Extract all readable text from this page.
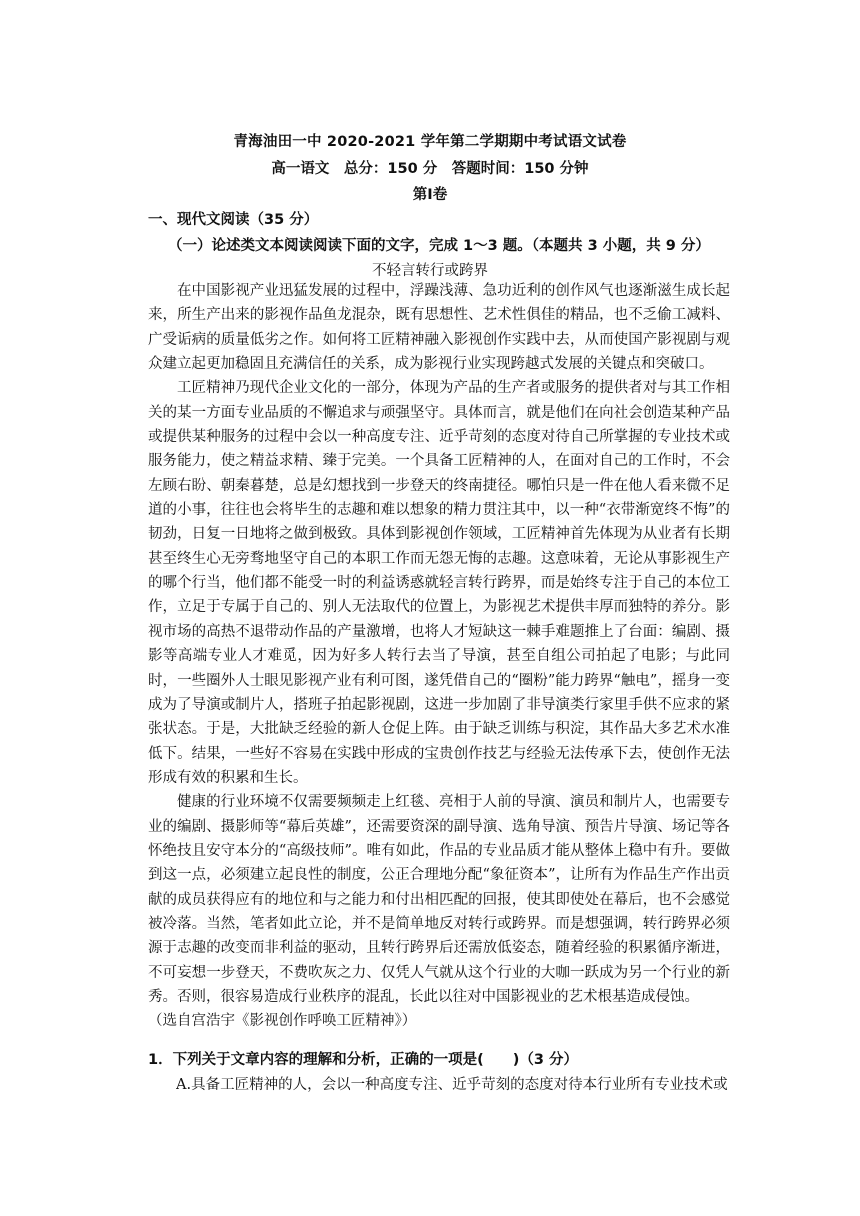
青海油田一中 2020-2021 学年第二学期期中考试语文试卷
高一语文　总分：150 分　答题时间：150 分钟
第Ⅰ卷
一、现代文阅读（35 分）
（一）论述类文本阅读阅读下面的文字，完成 1～3 题。（本题共 3 小题，共 9 分）
不轻言转行或跨界

在中国影视产业迅猛发展的过程中，浮躁浅薄、急功近利的创作风气也逐渐滋生成长起来，所生产出来的影视作品鱼龙混杂，既有思想性、艺术性俱佳的精品，也不乏偷工减料、广受诟病的质量低劣之作。如何将工匠精神融入影视创作实践中去，从而使国产影视剧与观众建立起更加稳固且充满信任的关系，成为影视行业实现跨越式发展的关键点和突破口。

工匠精神乃现代企业文化的一部分，体现为产品的生产者或服务的提供者对与其工作相关的某一方面专业品质的不懈追求与顽强坚守。具体而言，就是他们在向社会创造某种产品或提供某种服务的过程中会以一种高度专注、近乎苛刻的态度对待自己所掌握的专业技术或服务能力，使之精益求精、臻于完美。一个具备工匠精神的人，在面对自己的工作时，不会左顾右盼、朝秦暮楚，总是幻想找到一步登天的终南捷径。哪怕只是一件在他人看来微不足道的小事，往往也会将毕生的志趣和难以想象的精力贯注其中，以一种“衣带渐宽终不悔”的韧劲，日复一日地将之做到极致。具体到影视创作领域，工匠精神首先体现为从业者有长期甚至终生心无旁骛地坚守自己的本职工作而无怨无悔的志趣。这意味着，无论从事影视生产的哪个行当，他们都不能受一时的利益诱惑就轻言转行跨界，而是始终专注于自己的本位工作，立足于专属于自己的、别人无法取代的位置上，为影视艺术提供丰厚而独特的养分。影视市场的高热不退带动作品的产量激增，也将人才短缺这一棘手难题推上了台面：编剧、摄影等高端专业人才难觅，因为好多人转行去当了导演，甚至自组公司拍起了电影；与此同时，一些圈外人士眼见影视产业有利可图，遂凭借自己的“圈粉”能力跨界“触电”，摇身一变成为了导演或制片人，搭班子拍起影视剧，这进一步加剧了非导演类行家里手供不应求的紧张状态。于是，大批缺乏经验的新人仓促上阵。由于缺乏训练与积淀，其作品大多艺术水准低下。结果，一些好不容易在实践中形成的宝贵创作技艺与经验无法传承下去，使创作无法形成有效的积累和生长。

健康的行业环境不仅需要频频走上红毯、亮相于人前的导演、演员和制片人，也需要专业的编剧、摄影师等“幕后英雄”，还需要资深的副导演、选角导演、预告片导演、场记等各怀绝技且安守本分的“高级技师”。唯有如此，作品的专业品质才能从整体上稳中有升。要做到这一点，必须建立起良性的制度，公正合理地分配“象征资本”，让所有为作品生产作出贡献的成员获得应有的地位和与之能力和付出相匹配的回报，使其即使处在幕后，也不会感觉被冷落。当然，笔者如此立论，并不是简单地反对转行或跨界。而是想强调，转行跨界必须源于志趣的改变而非利益的驱动，且转行跨界后还需放低姿态，随着经验的积累循序渐进，不可妄想一步登天，不费吹灰之力、仅凭人气就从这个行业的大咖一跃成为另一个行业的新秀。否则，很容易造成行业秩序的混乱，长此以往对中国影视业的艺术根基造成侵蚀。

（选自宫浩宇《影视创作呼唤工匠精神》）

1．下列关于文章内容的理解和分析，正确的一项是(　　)（3 分）
A.具备工匠精神的人，会以一种高度专注、近乎苛刻的态度对待本行业所有专业技术或
